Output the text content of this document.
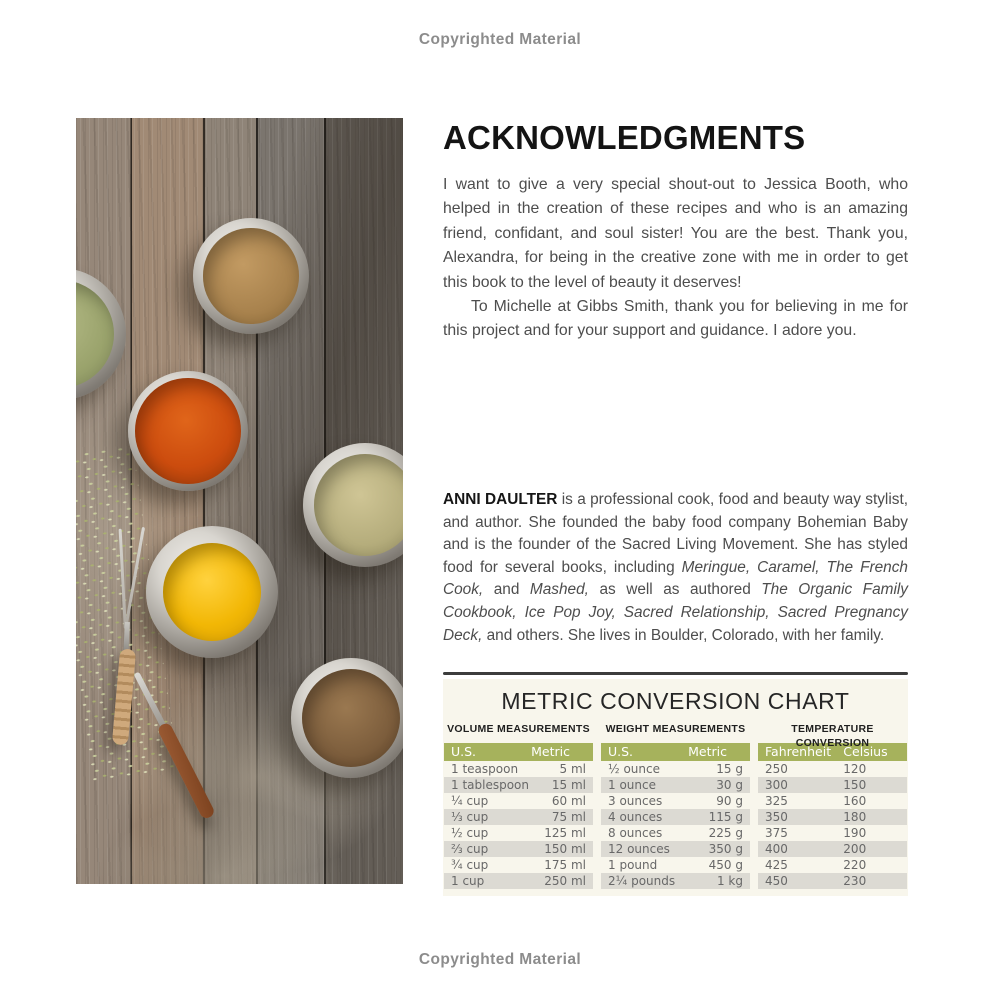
Copyrighted Material
ACKNOWLEDGMENTS

I want to give a very special shout-out to Jessica Booth, who helped in the creation of these recipes and who is an amazing friend, confidant, and soul sister! You are the best. Thank you, Alexandra, for being in the creative zone with me in order to get this book to the level of beauty it deserves!

To Michelle at Gibbs Smith, thank you for believing in me for this project and for your support and guidance. I adore you.

ANNI DAULTER is a professional cook, food and beauty way stylist, and author. She founded the baby food company Bohemian Baby and is the founder of the Sacred Living Movement. She has styled food for several books, including Meringue, Caramel, The French Cook, and Mashed, as well as authored The Organic Family Cookbook, Ice Pop Joy, Sacred Relationship, Sacred Pregnancy Deck, and others. She lives in Boulder, Colorado, with her family.
METRIC CONVERSION CHART
VOLUME MEASUREMENTS
U.S.	Metric
1 teaspoon	5 ml
1 tablespoon 15 ml
¼ cup	60 ml
⅓ cup	75 ml
½ cup	125 ml
⅔ cup	150 ml
¾ cup	175 ml
1 cup	250 ml
WEIGHT MEASUREMENTS
U.S.	Metric
½ ounce	15 g
1 ounce	30 g
3 ounces	90 g
4 ounces	115 g
8 ounces	225 g
12 ounces	350 g
1 pound	450 g
2¼ pounds	1 kg
TEMPERATURE CONVERSION
Fahrenheit Celsius
250	120
300	150
325	160
350	180
375	190
400	200
425	220
450	230
Copyrighted Material
